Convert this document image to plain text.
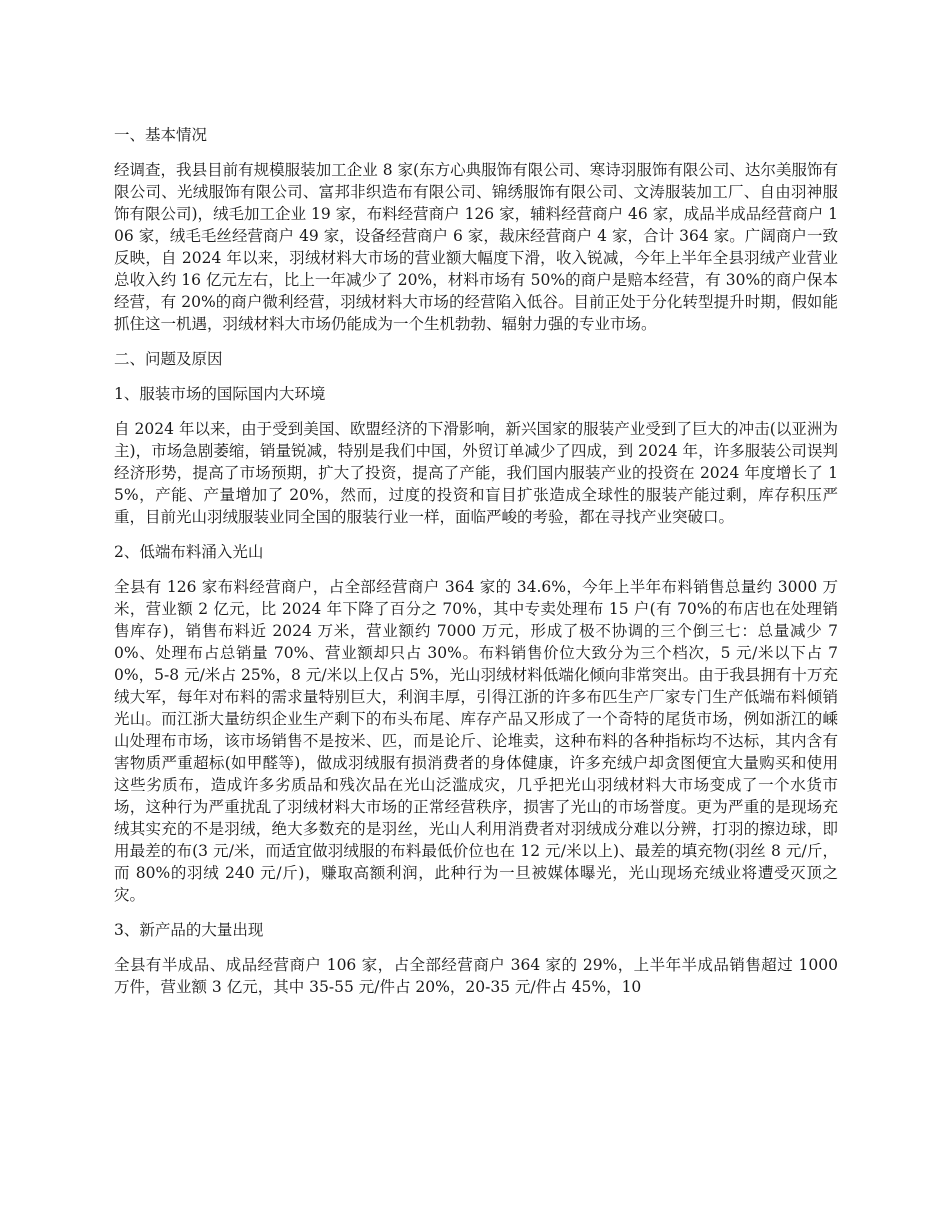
一、基本情况

经调查，我县目前有规模服装加工企业 8 家(东方心典服饰有限公司、寒诗羽服饰有限公司、达尔美服饰有限公司、光绒服饰有限公司、富邦非织造布有限公司、锦绣服饰有限公司、文涛服装加工厂、自由羽神服饰有限公司)，绒毛加工企业 19 家，布料经营商户 126 家，辅料经营商户 46 家，成品半成品经营商户 106 家，绒毛毛丝经营商户 49 家，设备经营商户 6 家，裁床经营商户 4 家，合计 364 家。广阔商户一致反映，自 2024 年以来，羽绒材料大市场的营业额大幅度下滑，收入锐减，今年上半年全县羽绒产业营业总收入约 16 亿元左右，比上一年减少了 20%，材料市场有 50%的商户是赔本经营，有 30%的商户保本经营，有 20%的商户微利经营，羽绒材料大市场的经营陷入低谷。目前正处于分化转型提升时期，假如能抓住这一机遇，羽绒材料大市场仍能成为一个生机勃勃、辐射力强的专业市场。

二、问题及原因

1、服装市场的国际国内大环境

自 2024 年以来，由于受到美国、欧盟经济的下滑影响，新兴国家的服装产业受到了巨大的冲击(以亚洲为主)，市场急剧萎缩，销量锐减，特别是我们中国，外贸订单减少了四成，到 2024 年，许多服装公司误判经济形势，提高了市场预期，扩大了投资，提高了产能，我们国内服装产业的投资在 2024 年度增长了 15%，产能、产量增加了 20%，然而，过度的投资和盲目扩张造成全球性的服装产能过剩，库存积压严重，目前光山羽绒服装业同全国的服装行业一样，面临严峻的考验，都在寻找产业突破口。

2、低端布料涌入光山

全县有 126 家布料经营商户，占全部经营商户 364 家的 34.6%，今年上半年布料销售总量约 3000 万米，营业额 2 亿元，比 2024 年下降了百分之 70%，其中专卖处理布 15 户(有 70%的布店也在处理销售库存)，销售布料近 2024 万米，营业额约 7000 万元，形成了极不协调的三个倒三七：总量减少 70%、处理布占总销量 70%、营业额却只占 30%。布料销售价位大致分为三个档次，5 元/米以下占 70%，5-8 元/米占 25%，8 元/米以上仅占 5%，光山羽绒材料低端化倾向非常突出。由于我县拥有十万充绒大军，每年对布料的需求量特别巨大，利润丰厚，引得江浙的许多布匹生产厂家专门生产低端布料倾销光山。而江浙大量纺织企业生产剩下的布头布尾、库存产品又形成了一个奇特的尾货市场，例如浙江的嵊山处理布市场，该市场销售不是按米、匹，而是论斤、论堆卖，这种布料的各种指标均不达标，其内含有害物质严重超标(如甲醛等)，做成羽绒服有损消费者的身体健康，许多充绒户却贪图便宜大量购买和使用这些劣质布，造成许多劣质品和残次品在光山泛滥成灾，几乎把光山羽绒材料大市场变成了一个水货市场，这种行为严重扰乱了羽绒材料大市场的正常经营秩序，损害了光山的市场誉度。更为严重的是现场充绒其实充的不是羽绒，绝大多数充的是羽丝，光山人利用消费者对羽绒成分难以分辨，打羽的擦边球，即用最差的布(3 元/米，而适宜做羽绒服的布料最低价位也在 12 元/米以上)、最差的填充物(羽丝 8 元/斤，而 80%的羽绒 240 元/斤)，赚取高额利润，此种行为一旦被媒体曝光，光山现场充绒业将遭受灭顶之灾。

3、新产品的大量出现

全县有半成品、成品经营商户 106 家，占全部经营商户 364 家的 29%，上半年半成品销售超过 1000 万件，营业额 3 亿元，其中 35-55 元/件占 20%，20-35 元/件占 45%，10
